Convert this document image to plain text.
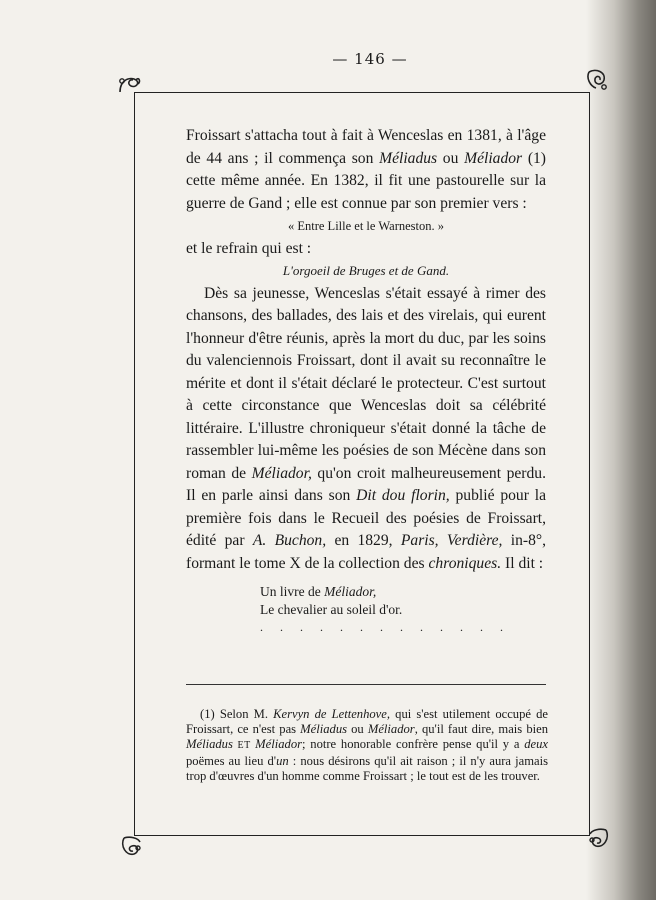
— 146 —

Froissart s'attacha tout à fait à Wenceslas en 1381, à l'âge de 44 ans ; il commença son Méliadus ou Méliador (1) cette même année. En 1382, il fit une pastourelle sur la guerre de Gand ; elle est connue par son premier vers :

« Entre Lille et le Warneston. »

et le refrain qui est :

L'orgoeil de Bruges et de Gand.

Dès sa jeunesse, Wenceslas s'était essayé à rimer des chansons, des ballades, des lais et des virelais, qui eurent l'honneur d'être réunis, après la mort du duc, par les soins du valenciennois Froissart, dont il avait su reconnaître le mérite et dont il s'était déclaré le protecteur. C'est surtout à cette circonstance que Wenceslas doit sa célébrité littéraire. L'illustre chroniqueur s'était donné la tâche de rassembler lui-même les poésies de son Mécène dans son roman de Méliador, qu'on croit malheureusement perdu. Il en parle ainsi dans son Dit dou florin, publié pour la première fois dans le Recueil des poésies de Froissart, édité par A. Buchon, en 1829, Paris, Verdière, in-8°, formant le tome X de la collection des chroniques. Il dit :

Un livre de Méliador,
Le chevalier au soleil d'or.
. . . . . . . . . . . . .

(1) Selon M. Kervyn de Lettenhove, qui s'est utilement occupé de Froissart, ce n'est pas Méliadus ou Méliador, qu'il faut dire, mais bien Méliadus ET Méliador; notre honorable confrère pense qu'il y a deux poëmes au lieu d'un : nous désirons qu'il ait raison ; il n'y aura jamais trop d'œuvres d'un homme comme Froissart ; le tout est de les trouver.
